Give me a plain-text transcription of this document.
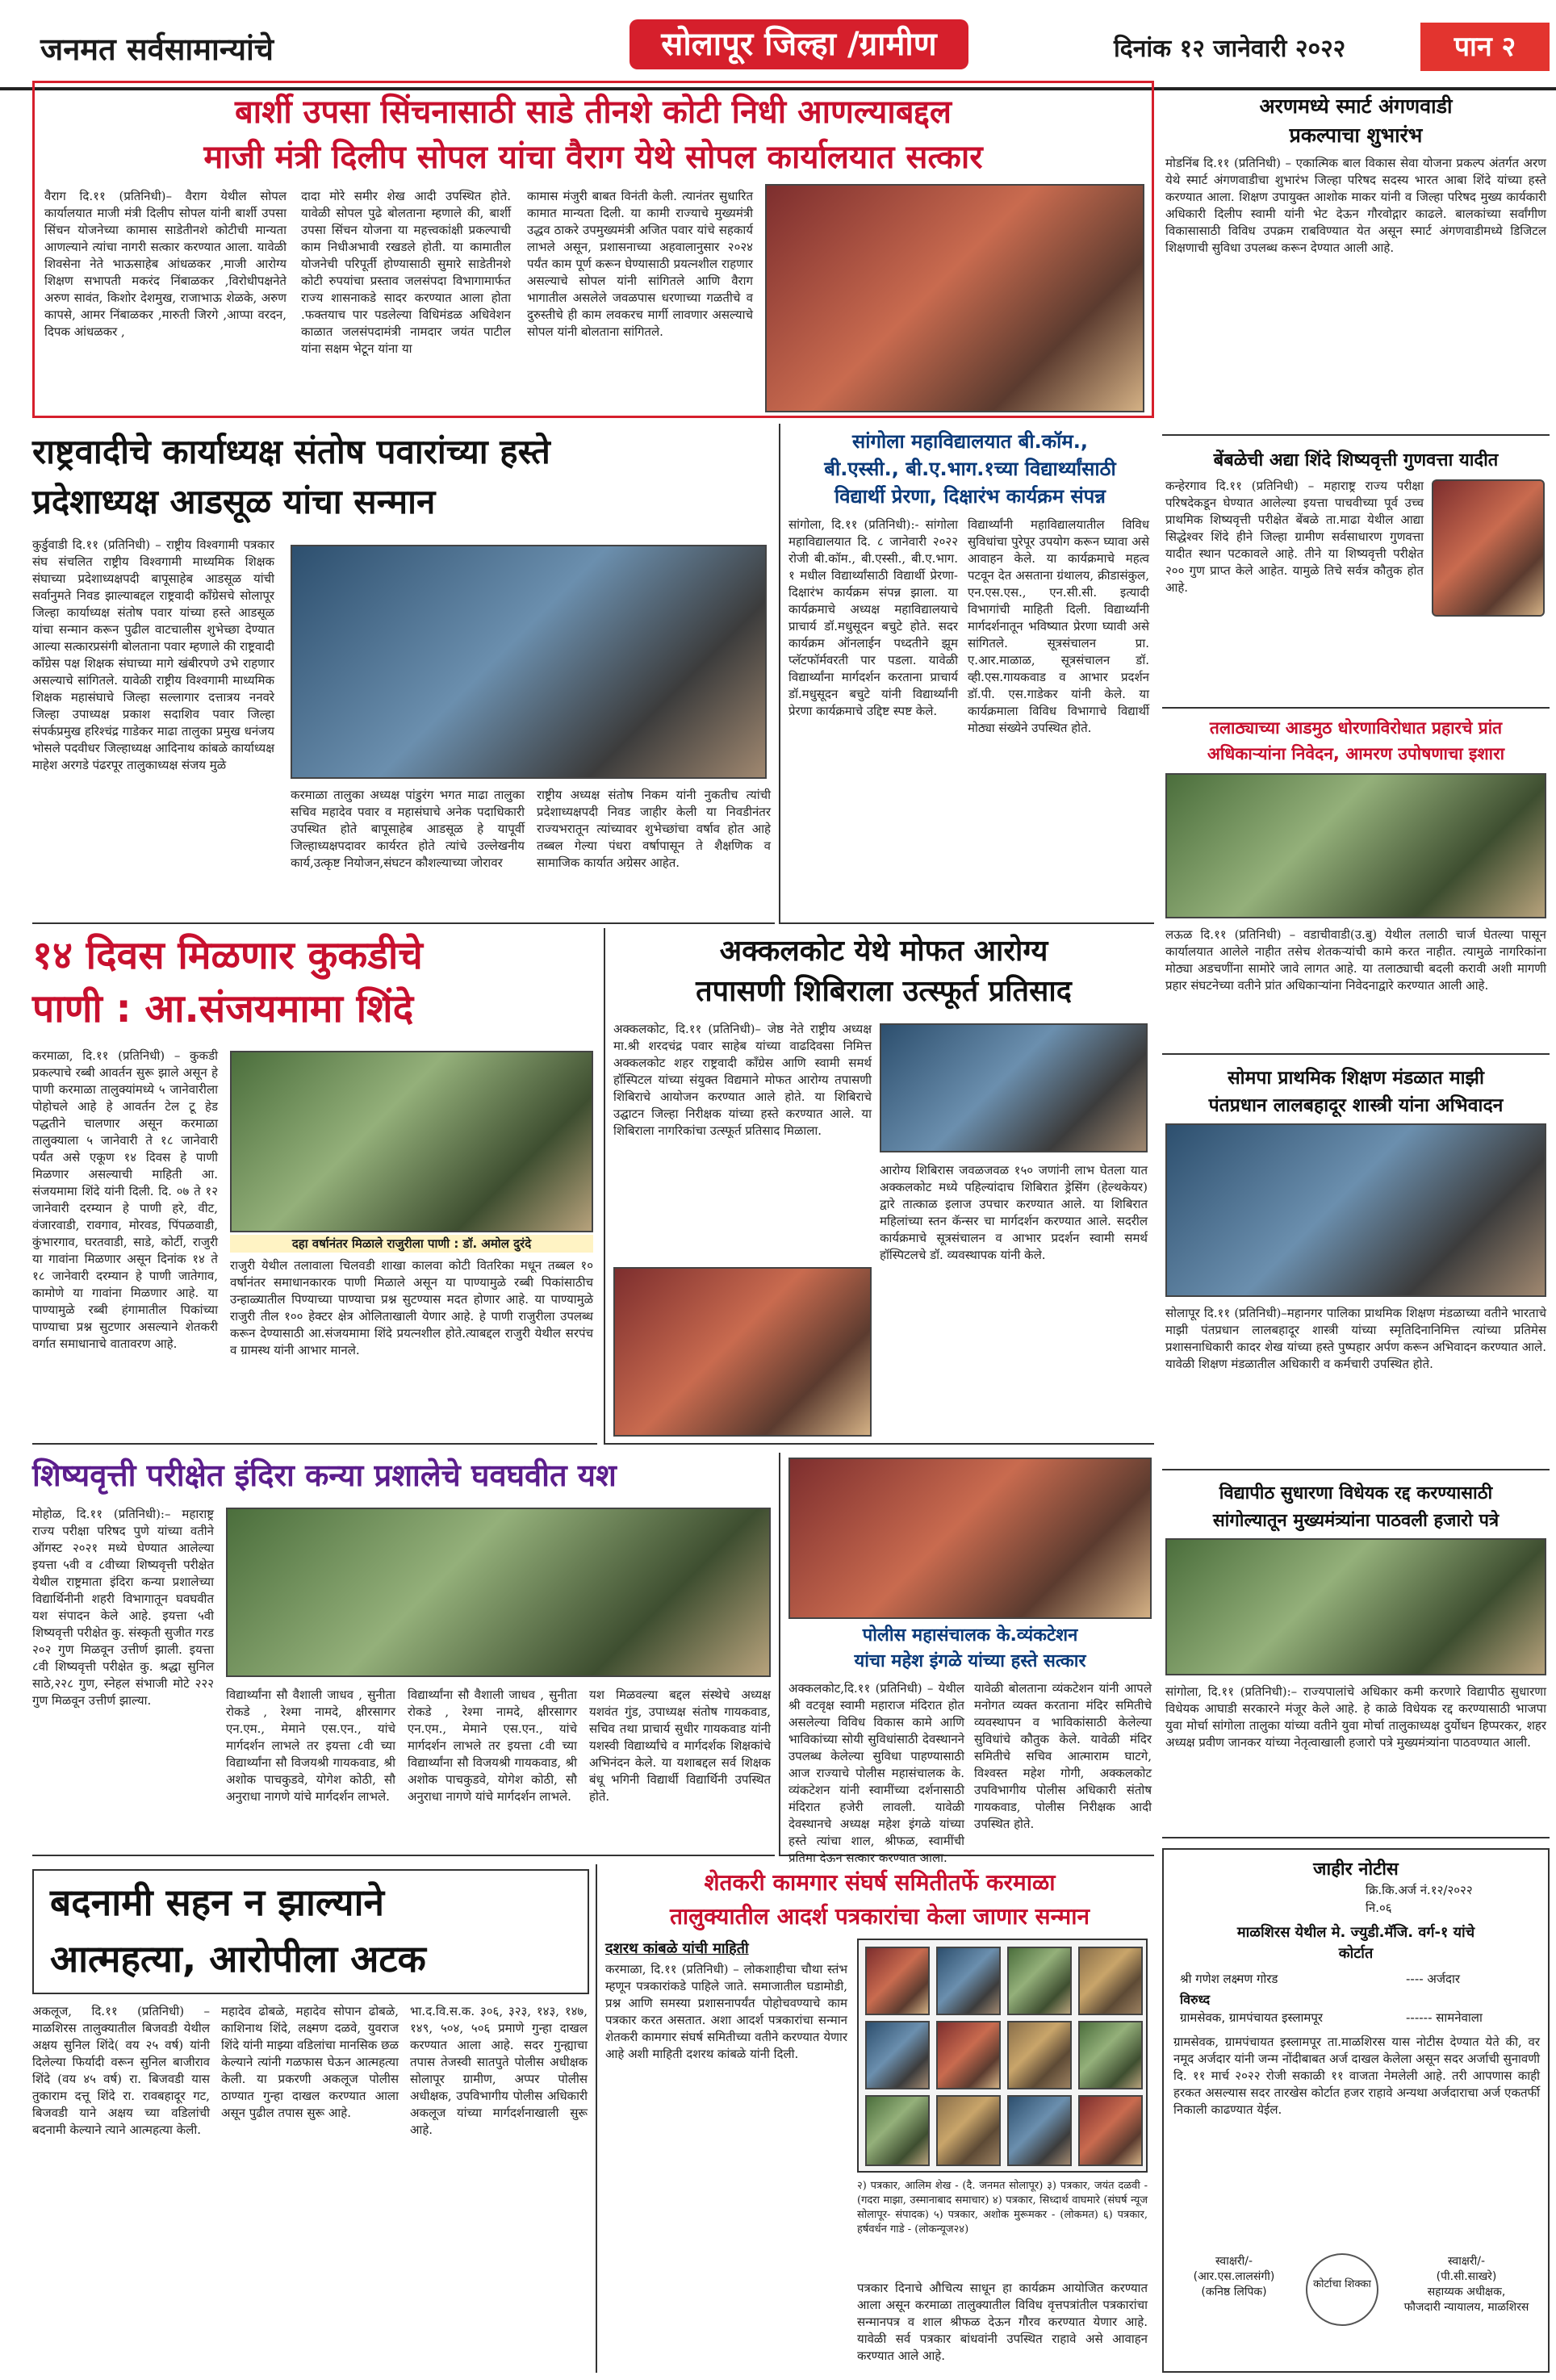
जनमत सर्वसामान्यांचे	सोलापूर जिल्हा /ग्रामीण	दिनांक १२ जानेवारी २०२२	पान २
बार्शी उपसा सिंचनासाठी साडे तीनशे कोटी निधी आणल्याबद्दल
माजी मंत्री दिलीप सोपल यांचा वैराग येथे सोपल कार्यालयात सत्कार
वैराग दि.११ (प्रतिनिधी)– वैराग येथील सोपल कार्यालयात माजी मंत्री दिलीप सोपल यांनी बार्शी उपसा सिंचन योजनेच्या कामास साडेतीनशे कोटीची मान्यता आणल्याने त्यांचा नागरी सत्कार करण्यात आला. यावेळी शिवसेना नेते भाऊसाहेब आंधळकर ,माजी आरोग्य शिक्षण सभापती मकरंद निंबाळकर ,विरोधीपक्षनेते अरुण सावंत, किशोर देशमुख, राजाभाऊ शेळके, अरुण कापसे, आमर निंबाळकर ,मारुती जिरगे ,आप्पा वरदन, दिपक आंधळकर ,
दादा मोरे समीर शेख आदी उपस्थित होते. यावेळी सोपल पुढे बोलताना म्हणाले की, बार्शी उपसा सिंचन योजना या महत्त्वकांक्षी प्रकल्पाची काम निधीअभावी रखडले होती. या कामातील योजनेची परिपूर्ती होण्यासाठी सुमारे साडेतीनशे कोटी रुपयांचा प्रस्ताव जलसंपदा विभागामार्फत राज्य शासनाकडे सादर करण्यात आला होता .फक्तयाच पार पडलेल्या विधिमंडळ अधिवेशन काळात जलसंपदामंत्री नामदार जयंत पाटील यांना सक्षम भेटून यांना या
कामास मंजुरी बाबत विनंती केली. त्यानंतर सुधारित कामात मान्यता दिली. या कामी राज्याचे मुख्यमंत्री उद्धव ठाकरे उपमुख्यमंत्री अजित पवार यांचे सहकार्य लाभले असून, प्रशासनाच्या अहवालानुसार २०२४ पर्यंत काम पूर्ण करून घेण्यासाठी प्रयत्नशील राहणार असल्याचे सोपल यांनी सांगितले आणि वैराग भागातील असलेले जवळपास धरणाच्या गळतीचे व दुरुस्तीचे ही काम लवकरच मार्गी लावणार असल्याचे सोपल यांनी बोलताना सांगितले.
अरणमध्ये स्मार्ट अंगणवाडी
प्रकल्पाचा शुभारंभ
मोडनिंब दि.११ (प्रतिनिधी) – एकात्मिक बाल विकास सेवा योजना प्रकल्प अंतर्गत अरण येथे स्मार्ट अंगणवाडीचा शुभारंभ जिल्हा परिषद सदस्य भारत आबा शिंदे यांच्या हस्ते करण्यात आला. शिक्षण उपायुक्त आशोक माकर यांनी व जिल्हा परिषद मुख्य कार्यकारी अधिकारी दिलीप स्वामी यांनी भेट देऊन गौरवोद्गार काढले. बालकांच्या सर्वांगीण विकासासाठी विविध उपक्रम राबविण्यात येत असून स्मार्ट अंगणवाडीमध्ये डिजिटल शिक्षणाची सुविधा उपलब्ध करून देण्यात आली आहे.
राष्ट्रवादीचे कार्याध्यक्ष संतोष पवारांच्या हस्ते
प्रदेशाध्यक्ष आडसूळ यांचा सन्मान
कुर्डुवाडी दि.११ (प्रतिनिधी) – राष्ट्रीय विश्वगामी पत्रकार संघ संचलित राष्ट्रीय विश्वगामी माध्यमिक शिक्षक संघाच्या प्रदेशाध्यक्षपदी बापूसाहेब आडसूळ यांची सर्वानुमते निवड झाल्याबद्दल राष्ट्रवादी काँग्रेसचे सोलापूर जिल्हा कार्याध्यक्ष संतोष पवार यांच्या हस्ते आडसूळ यांचा सन्मान करून पुढील वाटचालीस शुभेच्छा देण्यात आल्या सत्कारप्रसंगी बोलताना पवार म्हणाले की राष्ट्रवादी काँग्रेस पक्ष शिक्षक संघाच्या मागे खंबीरपणे उभे राहणार असल्याचे सांगितले. यावेळी राष्ट्रीय विश्वगामी माध्यमिक शिक्षक महासंघाचे जिल्हा सल्लागार दत्तात्रय ननवरे जिल्हा उपाध्यक्ष प्रकाश सदाशिव पवार जिल्हा संपर्कप्रमुख हरिश्चंद्र गाडेकर माढा तालुका प्रमुख धनंजय भोसले पदवीधर जिल्हाध्यक्ष आदिनाथ कांबळे कार्याध्यक्ष माहेश अरगडे पंढरपूर तालुकाध्यक्ष संजय मुळे
करमाळा तालुका अध्यक्ष पांडुरंग भगत माढा तालुका सचिव महादेव पवार व महासंघाचे अनेक पदाधिकारी उपस्थित होते बापूसाहेब आडसूळ हे यापूर्वी जिल्हाध्यक्षपदावर कार्यरत होते त्यांचे उल्लेखनीय कार्य,उत्कृष्ट नियोजन,संघटन कौशल्याच्या जोरावर
राष्ट्रीय अध्यक्ष संतोष निकम यांनी नुकतीच त्यांची प्रदेशाध्यक्षपदी निवड जाहीर केली या निवडीनंतर राज्यभरातून त्यांच्यावर शुभेच्छांचा वर्षाव होत आहे तब्बल गेल्या पंधरा वर्षापासून ते शैक्षणिक व सामाजिक कार्यात अग्रेसर आहेत.
सांगोला महाविद्यालयात बी.कॉम.,
बी.एस्सी., बी.ए.भाग.१च्या विद्यार्थ्यांसाठी
विद्यार्थी प्रेरणा, दिक्षारंभ कार्यक्रम संपन्न
सांगोला, दि.११ (प्रतिनिधी):- सांगोला महाविद्यालयात दि. ८ जानेवारी २०२२ रोजी बी.कॉम., बी.एस्सी., बी.ए.भाग. १ मधील विद्यार्थ्यांसाठी विद्यार्थी प्रेरणा-दिक्षारंभ कार्यक्रम संपन्न झाला. या कार्यक्रमाचे अध्यक्ष महाविद्यालयाचे प्राचार्य डॉ.मधुसूदन बचुटे होते. सदर कार्यक्रम ऑनलाईन पध्दतीने झूम प्लॅटफॉर्मवरती पार पडला. यावेळी विद्यार्थ्यांना मार्गदर्शन करताना प्राचार्य डॉ.मधुसूदन बचुटे यांनी विद्यार्थ्यांनी प्रेरणा कार्यक्रमाचे उद्दिष्ट स्पष्ट केले.
विद्यार्थ्यांनी महाविद्यालयातील विविध सुविधांचा पुरेपूर उपयोग करून घ्यावा असे आवाहन केले. या कार्यक्रमाचे महत्व पटवून देत असताना ग्रंथालय, क्रीडासंकुल, एन.एस.एस., एन.सी.सी. इत्यादी विभागांची माहिती दिली. विद्यार्थ्यांनी मार्गदर्शनातून भविष्यात प्रेरणा घ्यावी असे सांगितले. सूत्रसंचालन प्रा. ए.आर.माळाळ, सूत्रसंचालन डॉ. व्ही.एस.गायकवाड व आभार प्रदर्शन डॉ.पी. एस.गाडेकर यांनी केले. या कार्यक्रमाला विविध विभागाचे विद्यार्थी मोठ्या संख्येने उपस्थित होते.
बेंबळेची अद्या शिंदे शिष्यवृत्ती गुणवत्ता यादीत
कन्हेरगाव दि.११ (प्रतिनिधी) – महाराष्ट्र राज्य परीक्षा परिषदेकडून घेण्यात आलेल्या इयत्ता पाचवीच्या पूर्व उच्च प्राथमिक शिष्यवृत्ती परीक्षेत बेंबळे ता.माढा येथील आद्या सिद्धेश्वर शिंदे हीने जिल्हा ग्रामीण सर्वसाधारण गुणवत्ता यादीत स्थान पटकावले आहे. तीने या शिष्यवृत्ती परीक्षेत २०० गुण प्राप्त केले आहेत. यामुळे तिचे सर्वत्र कौतुक होत आहे.
तलाठ्याच्या आडमुठ धोरणाविरोधात प्रहारचे प्रांत
अधिकाऱ्यांना निवेदन, आमरण उपोषणाचा इशारा
लऊळ दि.११ (प्रतिनिधी) – वडाचीवाडी(उ.बु) येथील तलाठी चार्ज घेतल्या पासून कार्यालयात आलेले नाहीत तसेच शेतकऱ्यांची कामे करत नाहीत. त्यामुळे नागरिकांना मोठ्या अडचणींना सामोरे जावे लागत आहे. या तलाठ्याची बदली करावी अशी मागणी प्रहार संघटनेच्या वतीने प्रांत अधिकाऱ्यांना निवेदनाद्वारे करण्यात आली आहे.
१४ दिवस मिळणार कुकडीचे
पाणी : आ.संजयमामा शिंदे
करमाळा, दि.११ (प्रतिनिधी) – कुकडी प्रकल्पाचे रब्बी आवर्तन सुरू झाले असून हे पाणी करमाळा तालुक्यांमध्ये ५ जानेवारीला पोहोचले आहे हे आवर्तन टेल टू हेड पद्धतीने चालणार असून करमाळा तालुक्याला ५ जानेवारी ते १८ जानेवारी पर्यंत असे एकूण १४ दिवस हे पाणी मिळणार असल्याची माहिती आ. संजयमामा शिंदे यांनी दिली. दि. ०७ ते १२ जानेवारी दरम्यान हे पाणी हरे, वीट, वंजारवाडी, रावगाव, मोरवड, पिंपळवाडी, कुंभारगाव, घरतवाडी, साडे, कोर्टी, राजुरी या गावांना मिळणार असून दिनांक १४ ते १८ जानेवारी दरम्यान हे पाणी जातेगाव, कामोणे या गावांना मिळणार आहे. या पाण्यामुळे रब्बी हंगामातील पिकांच्या पाण्याचा प्रश्न सुटणार असल्याने शेतकरी वर्गात समाधानाचे वातावरण आहे.
दहा वर्षानंतर मिळाले राजुरीला पाणी : डॉ. अमोल दुरंदे
राजुरी येथील तलावाला चिलवडी शाखा कालवा कोटी वितरिका मधून तब्बल १० वर्षानंतर समाधानकारक पाणी मिळाले असून या पाण्यामुळे रब्बी पिकांसाठीच उन्हाळ्यातील पिण्याच्या पाण्याचा प्रश्न सुटण्यास मदत होणार आहे. या पाण्यामुळे राजुरी तील १०० हेक्टर क्षेत्र ओलिताखाली येणार आहे. हे पाणी राजुरीला उपलब्ध करून देण्यासाठी आ.संजयमामा शिंदे प्रयत्नशील होते.त्याबद्दल राजुरी येथील सरपंच व ग्रामस्थ यांनी आभार मानले.
अक्कलकोट येथे मोफत आरोग्य
तपासणी शिबिराला उत्स्फूर्त प्रतिसाद
अक्कलकोट, दि.११ (प्रतिनिधी)– जेष्ठ नेते राष्ट्रीय अध्यक्ष मा.श्री शरदचंद्र पवार साहेब यांच्या वाढदिवसा निमित्त अक्कलकोट शहर राष्ट्रवादी काँग्रेस आणि स्वामी समर्थ हॉस्पिटल यांच्या संयुक्त विद्यमाने मोफत आरोग्य तपासणी शिबिराचे आयोजन करण्यात आले होते. या शिबिराचे उद्घाटन जिल्हा निरीक्षक यांच्या हस्ते करण्यात आले. या शिबिराला नागरिकांचा उत्स्फूर्त प्रतिसाद मिळाला.
आरोग्य शिबिरास जवळजवळ १५० जणांनी लाभ घेतला यात अक्कलकोट मध्ये पहिल्यांदाच शिबिरात ड्रेसिंग (हेल्थकेयर) द्वारे तात्काळ इलाज उपचार करण्यात आले. या शिबिरात महिलांच्या स्तन कॅन्सर चा मार्गदर्शन करण्यात आले. सदरील कार्यक्रमाचे सूत्रसंचालन व आभार प्रदर्शन स्वामी समर्थ हॉस्पिटलचे डॉ. व्यवस्थापक यांनी केले.
सोमपा प्राथमिक शिक्षण मंडळात माझी
पंतप्रधान लालबहादूर शास्त्री यांना अभिवादन
सोलापूर दि.११ (प्रतिनिधी)–महानगर पालिका प्राथमिक शिक्षण मंडळाच्या वतीने भारताचे माझी पंतप्रधान लालबहादूर शास्त्री यांच्या स्मृतिदिनानिमित्त त्यांच्या प्रतिमेस प्रशासनाधिकारी कादर शेख यांच्या हस्ते पुष्पहार अर्पण करून अभिवादन करण्यात आले. यावेळी शिक्षण मंडळातील अधिकारी व कर्मचारी उपस्थित होते.
शिष्यवृत्ती परीक्षेत इंदिरा कन्या प्रशालेचे घवघवीत यश
मोहोळ, दि.११ (प्रतिनिधी):– महाराष्ट्र राज्य परीक्षा परिषद पुणे यांच्या वतीने ऑगस्ट २०२१ मध्ये घेण्यात आलेल्या इयत्ता ५वी व ८वीच्या शिष्यवृत्ती परीक्षेत येथील राष्ट्रमाता इंदिरा कन्या प्रशालेच्या विद्यार्थिनीनी शहरी विभागातून घवघवीत यश संपादन केले आहे. इयत्ता ५वी शिष्यवृत्ती परीक्षेत कु. संस्कृती सुजीत गरड २०२ गुण मिळवून उत्तीर्ण झाली. इयत्ता ८वी शिष्यवृत्ती परीक्षेत कु. श्रद्धा सुनिल साठे,२२८ गुण, स्नेहल संभाजी मोटे २२२ गुण मिळवून उत्तीर्ण झाल्या.	विद्यार्थ्यांना सौ वैशाली जाधव , सुनीता रोकडे , रेश्मा नामदे, क्षीरसागर एन.एम., मेमाने एस.एन., यांचे मार्गदर्शन लाभले तर इयत्ता ८वी च्या विद्यार्थ्यांना सौ विजयश्री गायकवाड, श्री अशोक पाचकुडवे, योगेश कोठी, सौ अनुराधा नागणे यांचे मार्गदर्शन लाभले.
विद्यार्थ्यांना सौ वैशाली जाधव , सुनीता रोकडे , रेश्मा नामदे, क्षीरसागर एन.एम., मेमाने एस.एन., यांचे मार्गदर्शन लाभले तर इयत्ता ८वी च्या विद्यार्थ्यांना सौ विजयश्री गायकवाड, श्री अशोक पाचकुडवे, योगेश कोठी, सौ अनुराधा नागणे यांचे मार्गदर्शन लाभले.
यश मिळवल्या बद्दल संस्थेचे अध्यक्ष यशवंत गुंड, उपाध्यक्ष संतोष गायकवाड, सचिव तथा प्राचार्य सुधीर गायकवाड यांनी यशस्वी विद्यार्थ्यांचे व मार्गदर्शक शिक्षकांचे अभिनंदन केले. या यशाबद्दल सर्व शिक्षक बंधू भगिनी विद्यार्थी विद्यार्थिनी उपस्थित होते.
पोलीस महासंचालक के.व्यंकटेशन
यांचा महेश इंगळे यांच्या हस्ते सत्कार
अक्कलकोट,दि.११ (प्रतिनिधी) – येथील श्री वटवृक्ष स्वामी महाराज मंदिरात होत असलेल्या विविध विकास कामे आणि भाविकांच्या सोयी सुविधांसाठी देवस्थानने उपलब्ध केलेल्या सुविधा पाहण्यासाठी आज राज्याचे पोलीस महासंचालक के. व्यंकटेशन यांनी स्वामींच्या दर्शनासाठी मंदिरात हजेरी लावली. यावेळी देवस्थानचे अध्यक्ष महेश इंगळे यांच्या हस्ते त्यांचा शाल, श्रीफळ, स्वामींची प्रतिमा देऊन सत्कार करण्यात आला.
यावेळी बोलताना व्यंकटेशन यांनी आपले मनोगत व्यक्त करताना मंदिर समितीचे व्यवस्थापन व भाविकांसाठी केलेल्या सुविधांचे कौतुक केले. यावेळी मंदिर समितीचे सचिव आत्माराम घाटगे, विश्वस्त महेश गोगी, अक्कलकोट उपविभागीय पोलीस अधिकारी संतोष गायकवाड, पोलीस निरीक्षक आदी उपस्थित होते.
विद्यापीठ सुधारणा विधेयक रद्द करण्यासाठी
सांगोल्यातून मुख्यमंत्र्यांना पाठवली हजारो पत्रे
सांगोला, दि.११ (प्रतिनिधी):– राज्यपालांचे अधिकार कमी करणारे विद्यापीठ सुधारणा विधेयक आघाडी सरकारने मंजूर केले आहे. हे काळे विधेयक रद्द करण्यासाठी भाजपा युवा मोर्चा सांगोला तालुका यांच्या वतीने युवा मोर्चा तालुकाध्यक्ष दुर्योधन हिप्परकर, शहर अध्यक्ष प्रवीण जानकर यांच्या नेतृत्वाखाली हजारो पत्रे मुख्यमंत्र्यांना पाठवण्यात आली.
बदनामी सहन न झाल्याने
आत्महत्या, आरोपीला अटक
अकलूज, दि.११ (प्रतिनिधी) – माळशिरस तालुक्यातील बिजवडी येथील अक्षय सुनिल शिंदे( वय २५ वर्ष) यांनी दिलेल्या फिर्यादी वरून सुनिल बाजीराव शिंदे (वय ४५ वर्ष) रा. बिजवडी यास तुकाराम दत्तू शिंदे रा. रावबहादूर गट, बिजवडी याने अक्षय च्या वडिलांची बदनामी केल्याने त्याने आत्महत्या केली.
महादेव ढोबळे, महादेव सोपान ढोबळे, काशिनाथ शिंदे, लक्ष्मण दळवे, युवराज शिंदे यांनी माझ्या वडिलांचा मानसिक छळ केल्याने त्यांनी गळफास घेऊन आत्महत्या केली. या प्रकरणी अकलूज पोलीस ठाण्यात गुन्हा दाखल करण्यात आला असून पुढील तपास सुरू आहे.
भा.द.वि.स.क. ३०६, ३२३, १४३, १४७, १४९, ५०४, ५०६ प्रमाणे गुन्हा दाखल करण्यात आला आहे. सदर गुन्ह्याचा तपास तेजस्वी सातपुते पोलीस अधीक्षक सोलापूर ग्रामीण, अप्पर पोलीस अधीक्षक, उपविभागीय पोलीस अधिकारी अकलूज यांच्या मार्गदर्शनाखाली सुरू आहे.
शेतकरी कामगार संघर्ष समितीतर्फे करमाळा
तालुक्यातील आदर्श पत्रकारांचा केला जाणार सन्मान
दशरथ कांबळे यांची माहिती
करमाळा, दि.११ (प्रतिनिधी) – लोकशाहीचा चौथा स्तंभ म्हणून पत्रकारांकडे पाहिले जाते. समाजातील घडामोडी, प्रश्न आणि समस्या प्रशासनापर्यंत पोहोचवण्याचे काम पत्रकार करत असतात. अशा आदर्श पत्रकारांचा सन्मान शेतकरी कामगार संघर्ष समितीच्या वतीने करण्यात येणार आहे अशी माहिती दशरथ कांबळे यांनी दिली.
२) पत्रकार, आलिम शेख - (दै. जनमत सोलापूर) ३) पत्रकार, जयंत दळवी - (गदरा माझा, उस्मानाबाद समाचार) ४) पत्रकार, सिध्दार्थ वाघमारे (संघर्ष न्यूज सोलापूर- संपादक) ५) पत्रकार, अशोक मुरूमकर - (लोकमत) ६) पत्रकार, हर्षवर्धन गाडे - (लोकन्यूज२४)
पत्रकार दिनाचे औचित्य साधून हा कार्यक्रम आयोजित करण्यात आला असून करमाळा तालुक्यातील विविध वृत्तपत्रांतील पत्रकारांचा सन्मानपत्र व शाल श्रीफळ देऊन गौरव करण्यात येणार आहे. यावेळी सर्व पत्रकार बांधवांनी उपस्थित राहावे असे आवाहन करण्यात आले आहे.
जाहीर नोटीस
क्रि.कि.अर्ज नं.१२/२०२२
नि.०६
माळशिरस येथील मे. ज्युडी.मॅजि. वर्ग-१ यांचे
कोर्टात
श्री गणेश लक्ष्मण गोरड	---- अर्जदार
विरुध्द
ग्रामसेवक, ग्रामपंचायत इस्लामपूर	------ सामनेवाला
ग्रामसेवक, ग्रामपंचायत इस्लामपूर ता.माळशिरस यास नोटीस देण्यात येते की, वर नमूद अर्जदार यांनी जन्म नोंदीबाबत अर्ज दाखल केलेला असून सदर अर्जाची सुनावणी दि. ११ मार्च २०२२ रोजी सकाळी ११ वाजता नेमलेली आहे. तरी आपणास काही हरकत असल्यास सदर तारखेस कोर्टात हजर राहावे अन्यथा अर्जदाराचा अर्ज एकतर्फी निकाली काढण्यात येईल.
स्वाक्षरी/-
(आर.एस.लालसंगी)
(कनिष्ठ लिपिक)
कोर्टाचा शिक्का
स्वाक्षरी/-
(पी.सी.साखरे)
सहाय्यक अधीक्षक,
फौजदारी न्यायालय, माळशिरस
